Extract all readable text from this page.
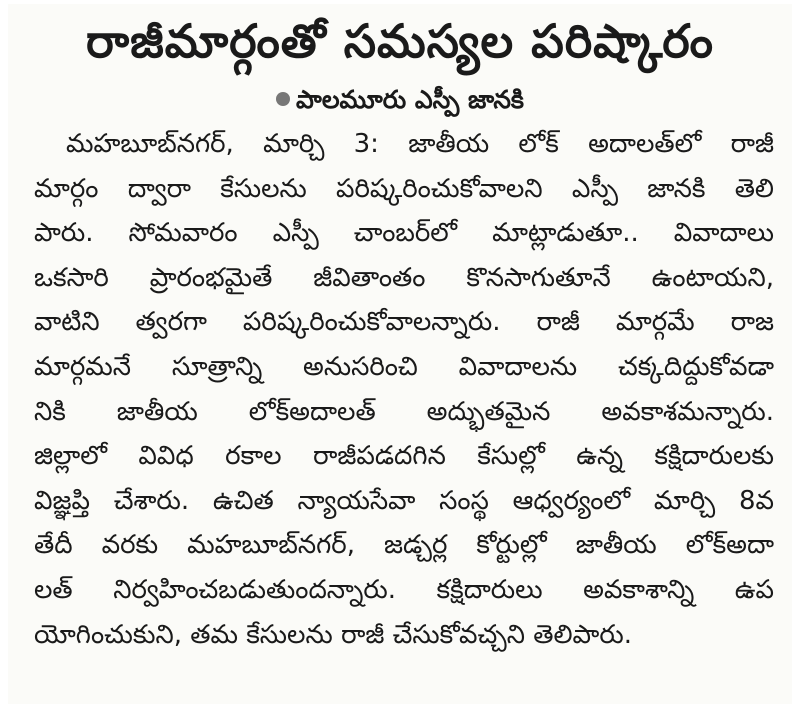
రాజీమార్గంతో సమస్యల పరిష్కారం
పాలమూరు ఎస్పీ జానకి
మహబూబ్‌నగర్, మార్చి 3: జాతీయ లోక్ అదాలత్‌లో రాజీ
మార్గం ద్వారా కేసులను పరిష్కరించుకోవాలని ఎస్పీ జానకి తెలి
పారు. సోమవారం ఎస్పీ చాంబర్‌లో మాట్లాడుతూ.. వివాదాలు
ఒకసారి ప్రారంభమైతే జీవితాంతం కొనసాగుతూనే ఉంటాయని,
వాటిని త్వరగా పరిష్కరించుకోవాలన్నారు. రాజీ మార్గమే రాజ
మార్గమనే సూత్రాన్ని అనుసరించి వివాదాలను చక్కదిద్దుకోవడా
నికి జాతీయ లోక్‌అదాలత్ అద్భుతమైన అవకాశమన్నారు.
జిల్లాలో వివిధ రకాల రాజీపడదగిన కేసుల్లో ఉన్న కక్షిదారులకు
విజ్ఞప్తి చేశారు. ఉచిత న్యాయసేవా సంస్థ ఆధ్వర్యంలో మార్చి 8వ
తేదీ వరకు మహబూబ్‌నగర్, జడ్చర్ల కోర్టుల్లో జాతీయ లోక్‌అదా
లత్ నిర్వహించబడుతుందన్నారు. కక్షిదారులు అవకాశాన్ని ఉప
యోగించుకుని, తమ కేసులను రాజీ చేసుకోవచ్చని తెలిపారు.
